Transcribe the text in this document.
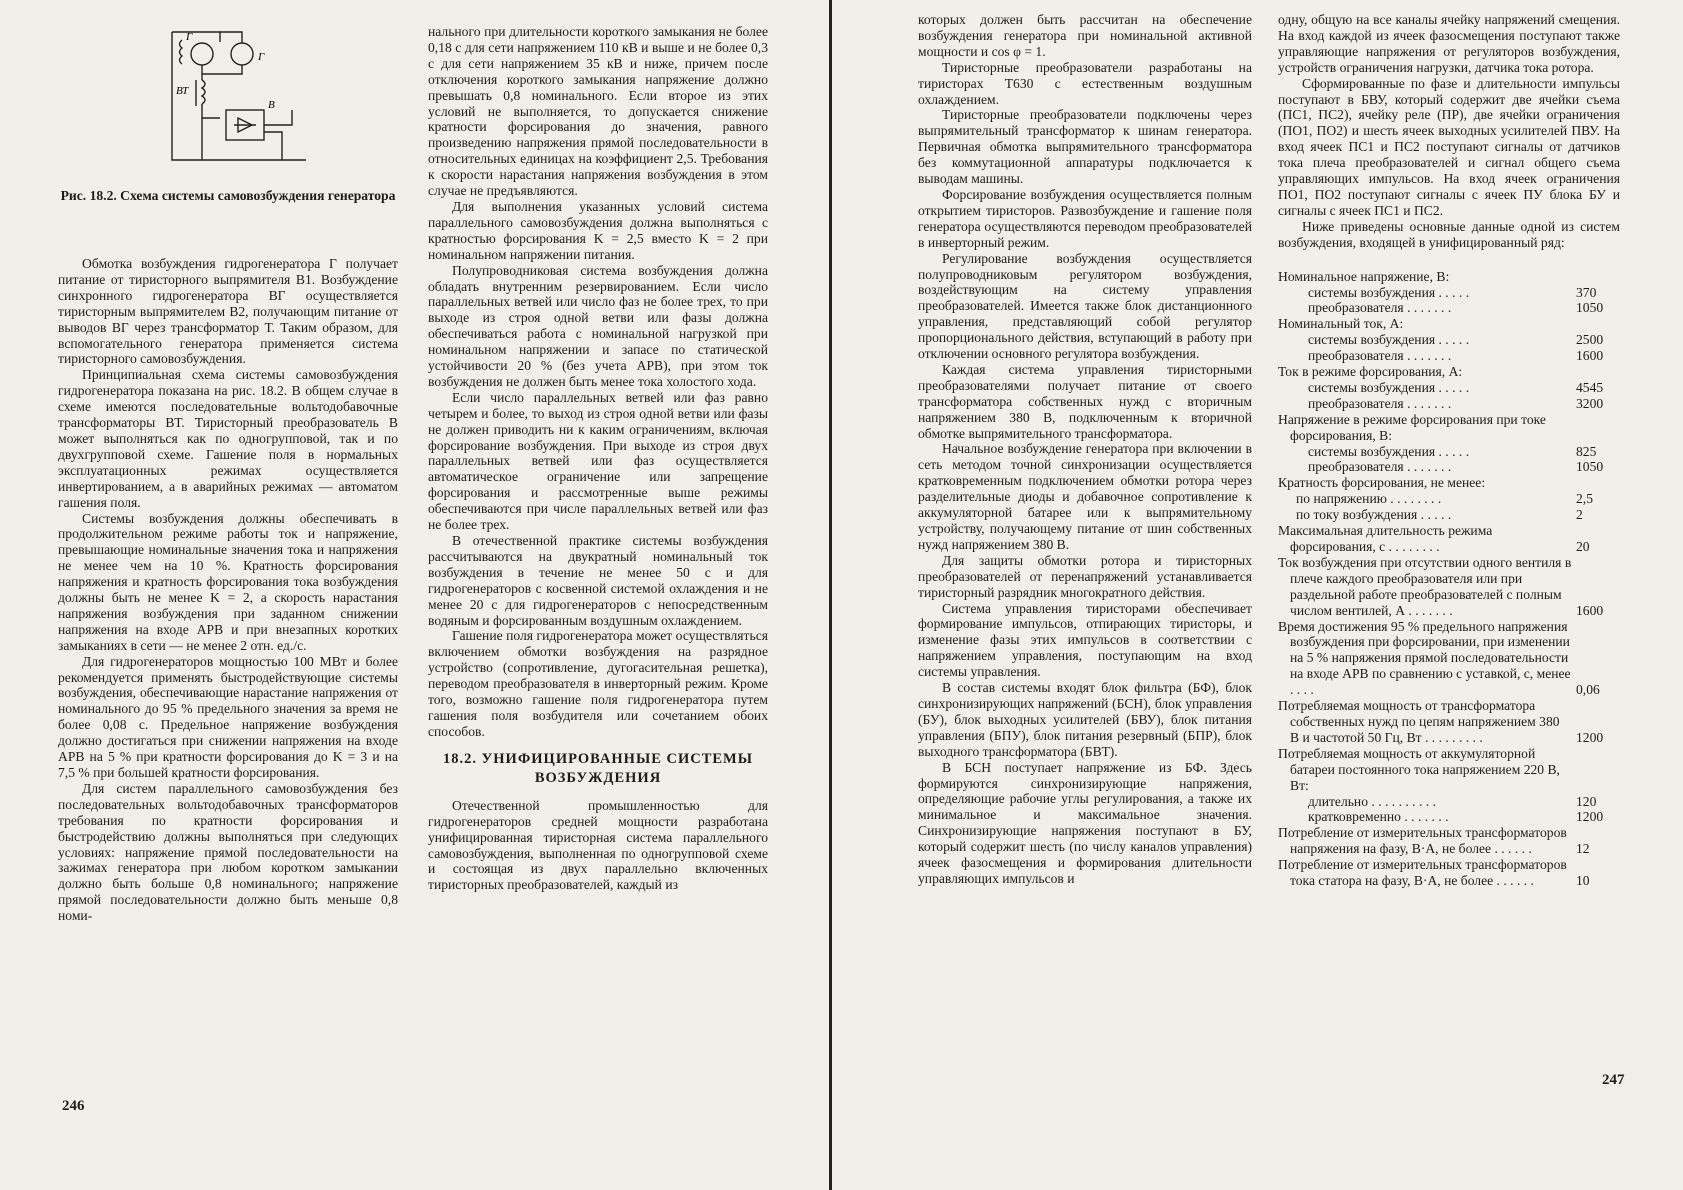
Г
Г
ВТ
В
Рис. 18.2. Схема системы самовозбуждения генератора

Обмотка возбуждения гидрогенератора Г получает питание от тиристорного выпрямителя В1. Возбуждение синхронного гидрогенератора ВГ осуществляется тиристорным выпрямителем В2, получающим питание от выводов ВГ через трансформатор Т. Таким образом, для вспомогательного генератора применяется система тиристорного самовозбуждения.

Принципиальная схема системы самовозбуждения гидрогенератора показана на рис. 18.2. В общем случае в схеме имеются последовательные вольтодобавочные трансформаторы ВТ. Тиристорный преобразователь В может выполняться как по одногрупповой, так и по двухгрупповой схеме. Гашение поля в нормальных эксплуатационных режимах осуществляется инвертированием, а в аварийных режимах — автоматом гашения поля.

Системы возбуждения должны обеспечивать в продолжительном режиме работы ток и напряжение, превышающие номинальные значения тока и напряжения не менее чем на 10 %. Кратность форсирования напряжения и кратность форсирования тока возбуждения должны быть не менее K = 2, а скорость нарастания напряжения возбуждения при заданном снижении напряжения на входе АРВ и при внезапных коротких замыканиях в сети — не менее 2 отн. ед./с.

Для гидрогенераторов мощностью 100 МВт и более рекомендуется применять быстродействующие системы возбуждения, обеспечивающие нарастание напряжения от номинального до 95 % предельного значения за время не более 0,08 с. Предельное напряжение возбуждения должно достигаться при снижении напряжения на входе АРВ на 5 % при кратности форсирования до K = 3 и на 7,5 % при большей кратности форсирования.

Для систем параллельного самовозбуждения без последовательных вольтодобавочных трансформаторов требования по кратности форсирования и быстродействию должны выполняться при следующих условиях: напряжение прямой последовательности на зажимах генератора при любом коротком замыкании должно быть больше 0,8 номинального; напряжение прямой последовательности должно быть меньше 0,8 номи-

нального при длительности короткого замыкания не более 0,18 с для сети напряжением 110 кВ и выше и не более 0,3 с для сети напряжением 35 кВ и ниже, причем после отключения короткого замыкания напряжение должно превышать 0,8 номинального. Если второе из этих условий не выполняется, то допускается снижение кратности форсирования до значения, равного произведению напряжения прямой последовательности в относительных единицах на коэффициент 2,5. Требования к скорости нарастания напряжения возбуждения в этом случае не предъявляются.

Для выполнения указанных условий система параллельного самовозбуждения должна выполняться с кратностью форсирования K = 2,5 вместо K = 2 при номинальном напряжении питания.

Полупроводниковая система возбуждения должна обладать внутренним резервированием. Если число параллельных ветвей или число фаз не более трех, то при выходе из строя одной ветви или фазы должна обеспечиваться работа с номинальной нагрузкой при номинальном напряжении и запасе по статической устойчивости 20 % (без учета АРВ), при этом ток возбуждения не должен быть менее тока холостого хода.

Если число параллельных ветвей или фаз равно четырем и более, то выход из строя одной ветви или фазы не должен приводить ни к каким ограничениям, включая форсирование возбуждения. При выходе из строя двух параллельных ветвей или фаз осуществляется автоматическое ограничение или запрещение форсирования и рассмотренные выше режимы обеспечиваются при числе параллельных ветвей или фаз не более трех.

В отечественной практике системы возбуждения рассчитываются на двукратный номинальный ток возбуждения в течение не менее 50 с и для гидрогенераторов с косвенной системой охлаждения и не менее 20 с для гидрогенераторов с непосредственным водяным и форсированным воздушным охлаждением.

Гашение поля гидрогенератора может осуществляться включением обмотки возбуждения на разрядное устройство (сопротивление, дугогасительная решетка), переводом преобразователя в инверторный режим. Кроме того, возможно гашение поля гидрогенератора путем гашения поля возбудителя или сочетанием обоих способов.

18.2. УНИФИЦИРОВАННЫЕ СИСТЕМЫ ВОЗБУЖДЕНИЯ

Отечественной промышленностью для гидрогенераторов средней мощности разработана унифицированная тиристорная система параллельного самовозбуждения, выполненная по одногрупповой схеме и состоящая из двух параллельно включенных тиристорных преобразователей, каждый из

246

которых должен быть рассчитан на обеспечение возбуждения генератора при номинальной активной мощности и cos φ = 1.

Тиристорные преобразователи разработаны на тиристорах Т630 с естественным воздушным охлаждением.

Тиристорные преобразователи подключены через выпрямительный трансформатор к шинам генератора. Первичная обмотка выпрямительного трансформатора без коммутационной аппаратуры подключается к выводам машины.

Форсирование возбуждения осуществляется полным открытием тиристоров. Развозбуждение и гашение поля генератора осуществляются переводом преобразователей в инверторный режим.

Регулирование возбуждения осуществляется полупроводниковым регулятором возбуждения, воздействующим на систему управления преобразователей. Имеется также блок дистанционного управления, представляющий собой регулятор пропорционального действия, вступающий в работу при отключении основного регулятора возбуждения.

Каждая система управления тиристорными преобразователями получает питание от своего трансформатора собственных нужд с вторичным напряжением 380 В, подключенным к вторичной обмотке выпрямительного трансформатора.

Начальное возбуждение генератора при включении в сеть методом точной синхронизации осуществляется кратковременным подключением обмотки ротора через разделительные диоды и добавочное сопротивление к аккумуляторной батарее или к выпрямительному устройству, получающему питание от шин собственных нужд напряжением 380 В.

Для защиты обмотки ротора и тиристорных преобразователей от перенапряжений устанавливается тиристорный разрядник многократного действия.

Система управления тиристорами обеспечивает формирование импульсов, отпирающих тиристоры, и изменение фазы этих импульсов в соответствии с напряжением управления, поступающим на вход системы управления.

В состав системы входят блок фильтра (БФ), блок синхронизирующих напряжений (БСН), блок управления (БУ), блок выходных усилителей (БВУ), блок питания управления (БПУ), блок питания резервный (БПР), блок выходного трансформатора (БВТ).

В БСН поступает напряжение из БФ. Здесь формируются синхронизирующие напряжения, определяющие рабочие углы регулирования, а также их минимальное и максимальное значения. Синхронизирующие напряжения поступают в БУ, который содержит шесть (по числу каналов управления) ячеек фазосмещения и формирования длительности управляющих импульсов и

одну, общую на все каналы ячейку напряжений смещения. На вход каждой из ячеек фазосмещения поступают также управляющие напряжения от регуляторов возбуждения, устройств ограничения нагрузки, датчика тока ротора.

Сформированные по фазе и длительности импульсы поступают в БВУ, который содержит две ячейки съема (ПС1, ПС2), ячейку реле (ПР), две ячейки ограничения (ПО1, ПО2) и шесть ячеек выходных усилителей ПВУ. На вход ячеек ПС1 и ПС2 поступают сигналы от датчиков тока плеча преобразователей и сигнал общего съема управляющих импульсов. На вход ячеек ограничения ПО1, ПО2 поступают сигналы с ячеек ПУ блока БУ и сигналы с ячеек ПС1 и ПС2.

Ниже приведены основные данные одной из систем возбуждения, входящей в унифицированный ряд:

Номинальное напряжение, В:
системы возбуждения . . . . .	370
преобразователя . . . . . . .	1050
Номинальный ток, А:
системы возбуждения . . . . .	2500
преобразователя . . . . . . .	1600
Ток в режиме форсирования, А:
системы возбуждения . . . . .	4545
преобразователя . . . . . . .	3200
Напряжение в режиме форсирования при токе форсирования, В:
системы возбуждения . . . . .	825
преобразователя . . . . . . .	1050
Кратность форсирования, не менее:
по напряжению . . . . . . . .	2,5
по току возбуждения . . . . .	2
Максимальная длительность режима форсирования, с . . . . . . . .	20
Ток возбуждения при отсутствии одного вентиля в плече каждого преобразователя или при раздельной работе преобразователей с полным числом вентилей, А . . . . . . .	1600
Время достижения 95 % предельного напряжения возбуждения при форсировании, при изменении на 5 % напряжения прямой последовательности на входе АРВ по сравнению с уставкой, с, менее . . . .	0,06
Потребляемая мощность от трансформатора собственных нужд по цепям напряжением 380 В и частотой 50 Гц, Вт . . . . . . . . .	1200
Потребляемая мощность от аккумуляторной батареи постоянного тока напряжением 220 В, Вт:
длительно . . . . . . . . . .	120
кратковременно . . . . . . .	1200
Потребление от измерительных трансформаторов напряжения на фазу, В·А, не более . . . . . .	12
Потребление от измерительных трансформаторов тока статора на фазу, В·А, не более . . . . . .	10
247
